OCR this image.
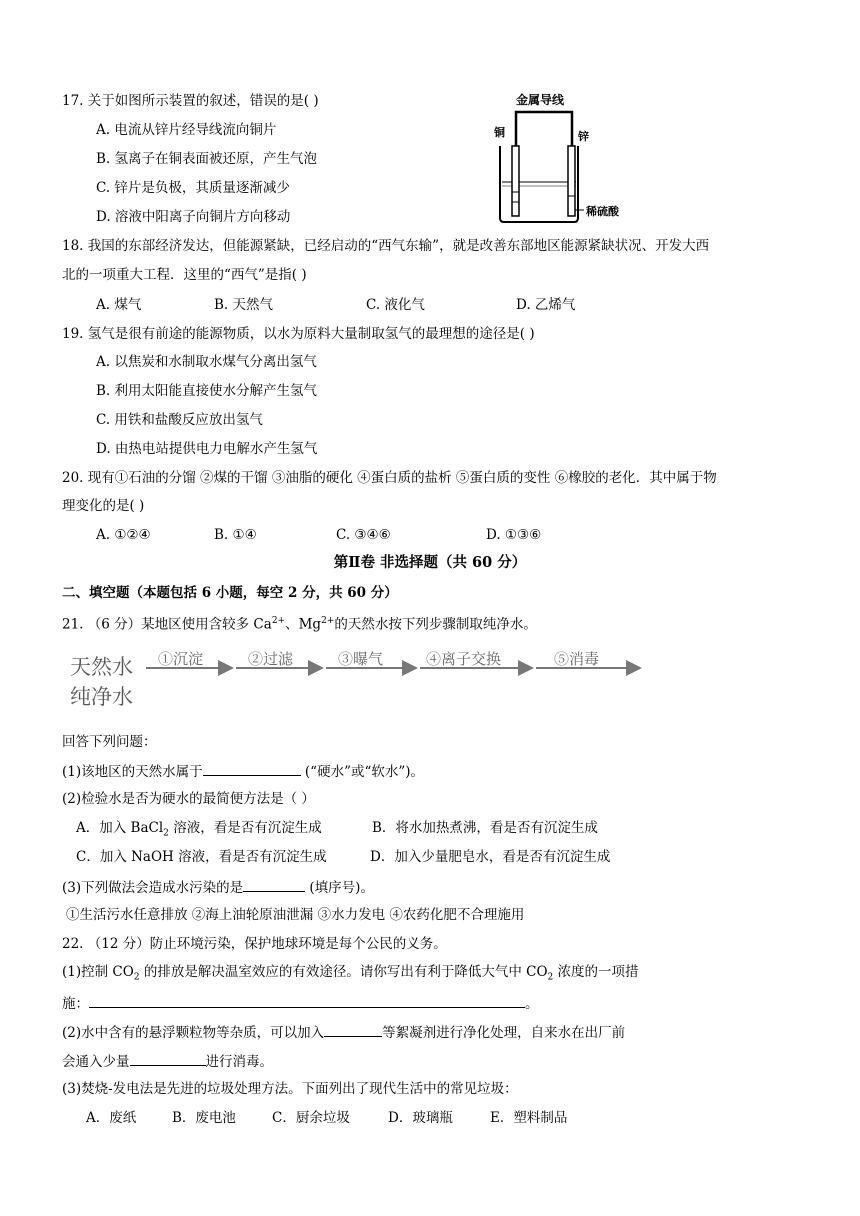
17. 关于如图所示装置的叙述，错误的是( )
A. 电流从锌片经导线流向铜片
B. 氢离子在铜表面被还原，产生气泡
C. 锌片是负极，其质量逐渐减少
D. 溶液中阳离子向铜片方向移动
金属导线
铜	锌
稀硫酸
18. 我国的东部经济发达，但能源紧缺，已经启动的“西气东输”，就是改善东部地区能源紧缺状况、开发大西
北的一项重大工程．这里的“西气”是指( )
A. 煤气	B. 天然气	C. 液化气	D. 乙烯气
19. 氢气是很有前途的能源物质，以水为原料大量制取氢气的最理想的途径是( )
A. 以焦炭和水制取水煤气分离出氢气
B. 利用太阳能直接使水分解产生氢气
C. 用铁和盐酸反应放出氢气
D. 由热电站提供电力电解水产生氢气
20. 现有①石油的分馏 ②煤的干馏 ③油脂的硬化 ④蛋白质的盐析 ⑤蛋白质的变性 ⑥橡胶的老化．其中属于物
理变化的是( )
A. ①②④	B. ①④	C. ③④⑥	D. ①③⑥
第Ⅱ卷 非选择题（共 60 分）
二、填空题（本题包括 6 小题，每空 2 分，共 60 分）
21. （6 分）某地区使用含较多 $Ca^{2+}$、$Mg^{2+}$的天然水按下列步骤制取纯净水。
天然水
纯净水
①沉淀	②过滤	③曝气	④离子交换	⑤消毒
回答下列问题：
(1)该地区的天然水属于	(“硬水”或“软水”)。
(2)检验水是否为硬水的最简便方法是（ ）
A．加入 BaCl$_2$ 溶液，看是否有沉淀生成	B．将水加热煮沸，看是否有沉淀生成
C．加入 NaOH 溶液，看是否有沉淀生成	D．加入少量肥皂水，看是否有沉淀生成
(3)下列做法会造成水污染的是	(填序号)。
①生活污水任意排放 ②海上油轮原油泄漏 ③水力发电 ④农药化肥不合理施用
22. （12 分）防止环境污染，保护地球环境是每个公民的义务。
(1)控制 $CO_2$ 的排放是解决温室效应的有效途径。请你写出有利于降低大气中 $CO_2$ 浓度的一项措
施：	。
(2)水中含有的悬浮颗粒物等杂质，可以加入	等絮凝剂进行净化处理，自来水在出厂前
会通入少量	进行消毒。
(3)焚烧-发电法是先进的垃圾处理方法。下面列出了现代生活中的常见垃圾：
A．废纸	B．废电池	C．厨余垃圾	D．玻璃瓶	E．塑料制品
